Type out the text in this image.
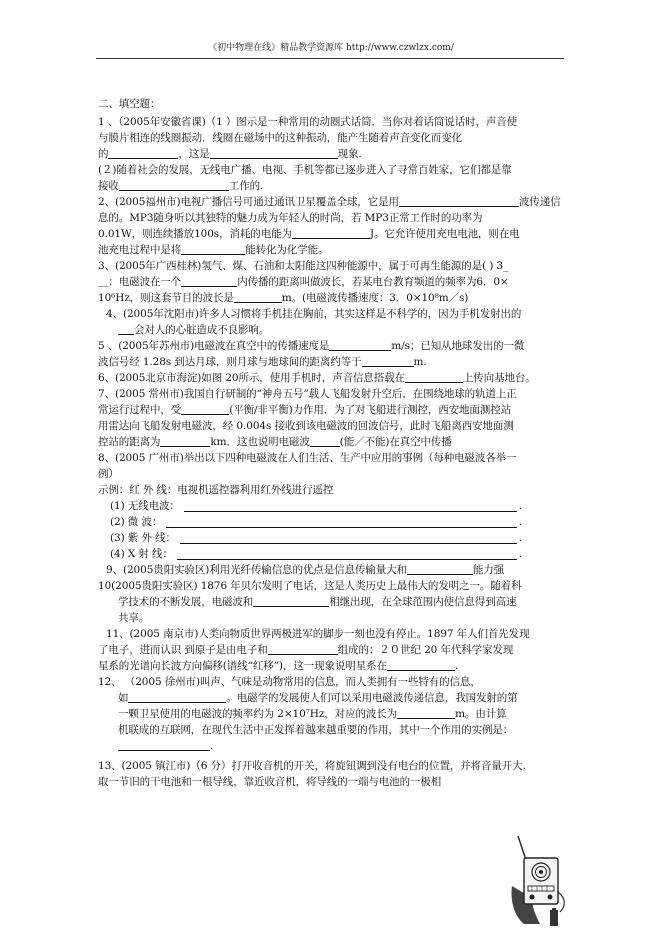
《初中物理在线》精品教学资源库 http://www.czwlzx.com/

二、填空题：

1 、（2005年安徽省课)（1 ）图示是一种常用的动圈式话筒．当你对着话筒说话时，声音使

与膜片相连的线圈振动．线圈在磁场中的这种振动，能产生随着声音变化而变化

的	，这是	现象.

(２)随着社会的发展，无线电广播、电视、手机等都已逐步进入了寻常百姓家，它们都是靠

接收	工作的.

2、(2005福州市)电视广播信号可通过通讯卫星覆盖全球，它是用	波传递信

息的。MP3随身听以其独特的魅力成为年轻人的时尚，若 MP3正常工作时的功率为

0.01W，则连续播放100s，消耗的电能为	J。它允许使用充电电池，则在电

池充电过程中是将	能转化为化学能。

3、(2005年广西桂林)氢气、煤、石油和太阳能这四种能源中，属于可再生能源的是( ) 3_

＿：电磁波在一个	内传播的距离叫做波长，若某电台教育频道的频率为6．0×

10⁶Hz，则这套节目的波长是	m。(电磁波传播速度：3．0×10⁸m／s)

4、(2005年沈阳市)许多人习惯将手机挂在胸前，其实这样是不科学的，因为手机发射出的

会对人的心脏造成不良影响。

5 、(2005年苏州市)电磁波在真空中的传播速度是	m/s；已知从地球发出的一微

波信号经 1.28s 到达月球，则月球与地球间的距离约等于	m.

6、(2005北京市海淀)如图 20所示，使用手机时，声音信息搭载在	上传向基地台。

7、(2005 常州市)我国自行研制的“神舟五号”载人飞船发射升空后，在围绕地球的轨道上正

常运行过程中，受	(平衡/非平衡)力作用．为了对飞船进行测控，西安地面测控站

用雷达向飞船发射电磁波，经 0.004s 接收到该电磁波的回波信号，此时飞船离西安地面测

控站的距离为	km．这也说明电磁波	(能／不能)在真空中传播

8、(2005 广州市)举出以下四种电磁波在人们生活、生产中应用的事例（每种电磁波各举一

例）

示例：红 外 线：电视机遥控器利用红外线进行遥控

(1) 无线电波：	.
(2) 微 波：	.
(3) 紫 外 线：	.
(4) X 射 线：	.

9、(2005贵阳实验区)利用光纤传输信息的优点是信息传输量大和	能力强

10(2005贵阳实验区) 1876 年贝尔发明了电话，这是人类历史上最伟大的发明之一。随着科

学技术的不断发展，电磁波和	相继出现，在全球范围内使信息得到高速

共享。

11、(2005 南京市)人类向物质世界两极进军的脚步一刻也没有停止。1897 年人们首先发现

了电子，进而认识 到原子是由电子和	组成的；２０世纪 20 年代科学家发现

星系的光谱向长波方向偏移(谱线“红移”)，这一现象说明星系在	.

12、 （2005 徐州市)叫声、气味是动物常用的信息，而人类拥有一些特有的信息，

如	。电磁学的发展使人们可以采用电磁波传递信息，我国发射的第

一颗卫星使用的电磁波的频率约为 2×10⁷Hz，对应的波长为	m。由计算

机联成的互联网，在现代生活中正发挥着越来越重要的作用，其中一个作用的实例是：

.

13、(2005 镇江市)（6 分）打开收音机的开关，将旋钮调到没有电台的位置，并将音量开大.

取一节旧的干电池和一根导线，靠近收音机，将导线的一端与电池的一极相
